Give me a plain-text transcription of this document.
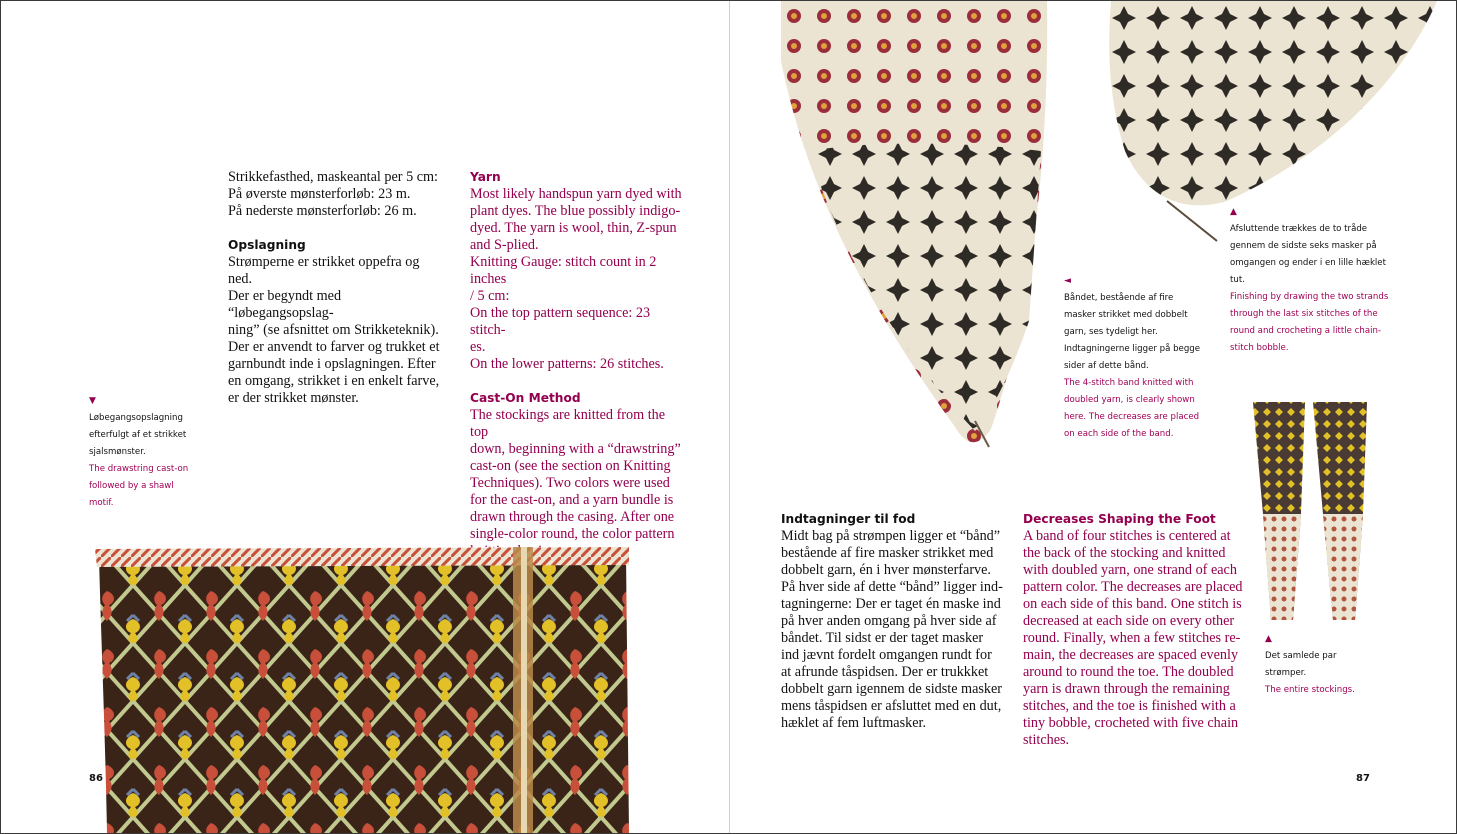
Strikkefasthed, maskeantal per 5 cm:

På øverste mønsterforløb: 23 m.

På nederste mønsterforløb: 26 m.

Opslagning

Strømperne er strikket oppefra og ned.

Der er begyndt med “løbegangsopslag-

ning” (se afsnittet om Strikketeknik).

Der er anvendt to farver og trukket et

garnbundt inde i opslagningen. Efter

en omgang, strikket i en enkelt farve,

er der strikket mønster.

Yarn

Most likely handspun yarn dyed with

plant dyes. The blue possibly indigo-

dyed. The yarn is wool, thin, Z-spun

and S-plied.

Knitting Gauge: stitch count in 2 inches

/ 5 cm:

On the top pattern sequence: 23 stitch-

es.

On the lower patterns: 26 stitches.

Cast-On Method

The stockings are knitted from the top

down, beginning with a “drawstring”

cast-on (see the section on Knitting

Techniques). Two colors were used

for the cast-on, and a yarn bundle is

drawn through the casing. After one

single-color round, the color pattern

▼

Løbegangsopslagning

efterfulgt af et strikket

sjalsmønster.

The drawstring cast-on

followed by a shawl

motif.

86
◄

Båndet, bestående af fire

masker strikket med dobbelt

garn, ses tydeligt her.

Indtagningerne ligger på begge

sider af dette bånd.

The 4-stitch band knitted with

doubled yarn, is clearly shown

here. The decreases are placed

on each side of the band.

▲

Afsluttende trækkes de to tråde

gennem de sidste seks masker på

omgangen og ender i en lille hæklet

tut.

Finishing by drawing the two strands

through the last six stitches of the

round and crocheting a little chain-

stitch bobble.

▲

Det samlede par

strømper.

The entire stockings.

Indtagninger til fod

Midt bag på strømpen ligger et “bånd”

bestående af fire masker strikket med

dobbelt garn, én i hver mønsterfarve.

På hver side af dette “bånd” ligger ind-

tagningerne: Der er taget én maske ind

på hver anden omgang på hver side af

båndet. Til sidst er der taget masker

ind jævnt fordelt omgangen rundt for

at afrunde tåspidsen. Der er trukkket

dobbelt garn igennem de sidste masker

mens tåspidsen er afsluttet med en dut,

hæklet af fem luftmasker.

Decreases Shaping the Foot

A band of four stitches is centered at

the back of the stocking and knitted

with doubled yarn, one strand of each

pattern color. The decreases are placed

on each side of this band. One stitch is

decreased at each side on every other

round. Finally, when a few stitches re-

main, the decreases are spaced evenly

around to round the toe. The doubled

yarn is drawn through the remaining

stitches, and the toe is finished with a

tiny bobble, crocheted with five chain

stitches.

87
